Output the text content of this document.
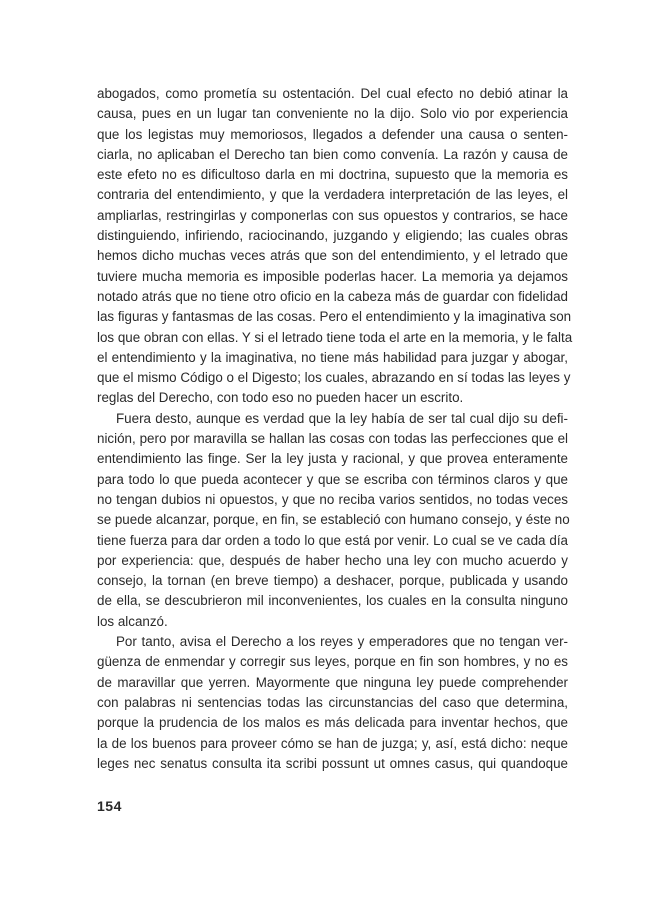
abogados, como prometía su ostentación. Del cual efecto no debió atinar la
causa, pues en un lugar tan conveniente no la dijo. Solo vio por experiencia
que los legistas muy memoriosos, llegados a defender una causa o senten-
ciarla, no aplicaban el Derecho tan bien como convenía. La razón y causa de
este efeto no es dificultoso darla en mi doctrina, supuesto que la memoria es
contraria del entendimiento, y que la verdadera interpretación de las leyes, el
ampliarlas, restringirlas y componerlas con sus opuestos y contrarios, se hace
distinguiendo, infiriendo, raciocinando, juzgando y eligiendo; las cuales obras
hemos dicho muchas veces atrás que son del entendimiento, y el letrado que
tuviere mucha memoria es imposible poderlas hacer. La memoria ya dejamos
notado atrás que no tiene otro oficio en la cabeza más de guardar con fidelidad
las figuras y fantasmas de las cosas. Pero el entendimiento y la imaginativa son
los que obran con ellas. Y si el letrado tiene toda el arte en la memoria, y le falta
el entendimiento y la imaginativa, no tiene más habilidad para juzgar y abogar,
que el mismo Código o el Digesto; los cuales, abrazando en sí todas las leyes y
reglas del Derecho, con todo eso no pueden hacer un escrito.
Fuera desto, aunque es verdad que la ley había de ser tal cual dijo su defi-
nición, pero por maravilla se hallan las cosas con todas las perfecciones que el
entendimiento las finge. Ser la ley justa y racional, y que provea enteramente
para todo lo que pueda acontecer y que se escriba con términos claros y que
no tengan dubios ni opuestos, y que no reciba varios sentidos, no todas veces
se puede alcanzar, porque, en fin, se estableció con humano consejo, y éste no
tiene fuerza para dar orden a todo lo que está por venir. Lo cual se ve cada día
por experiencia: que, después de haber hecho una ley con mucho acuerdo y
consejo, la tornan (en breve tiempo) a deshacer, porque, publicada y usando
de ella, se descubrieron mil inconvenientes, los cuales en la consulta ninguno
los alcanzó.
Por tanto, avisa el Derecho a los reyes y emperadores que no tengan ver-
güenza de enmendar y corregir sus leyes, porque en fin son hombres, y no es
de maravillar que yerren. Mayormente que ninguna ley puede comprehender
con palabras ni sentencias todas las circunstancias del caso que determina,
porque la prudencia de los malos es más delicada para inventar hechos, que
la de los buenos para proveer cómo se han de juzga; y, así, está dicho: neque
leges nec senatus consulta ita scribi possunt ut omnes casus, qui quandoque
154
